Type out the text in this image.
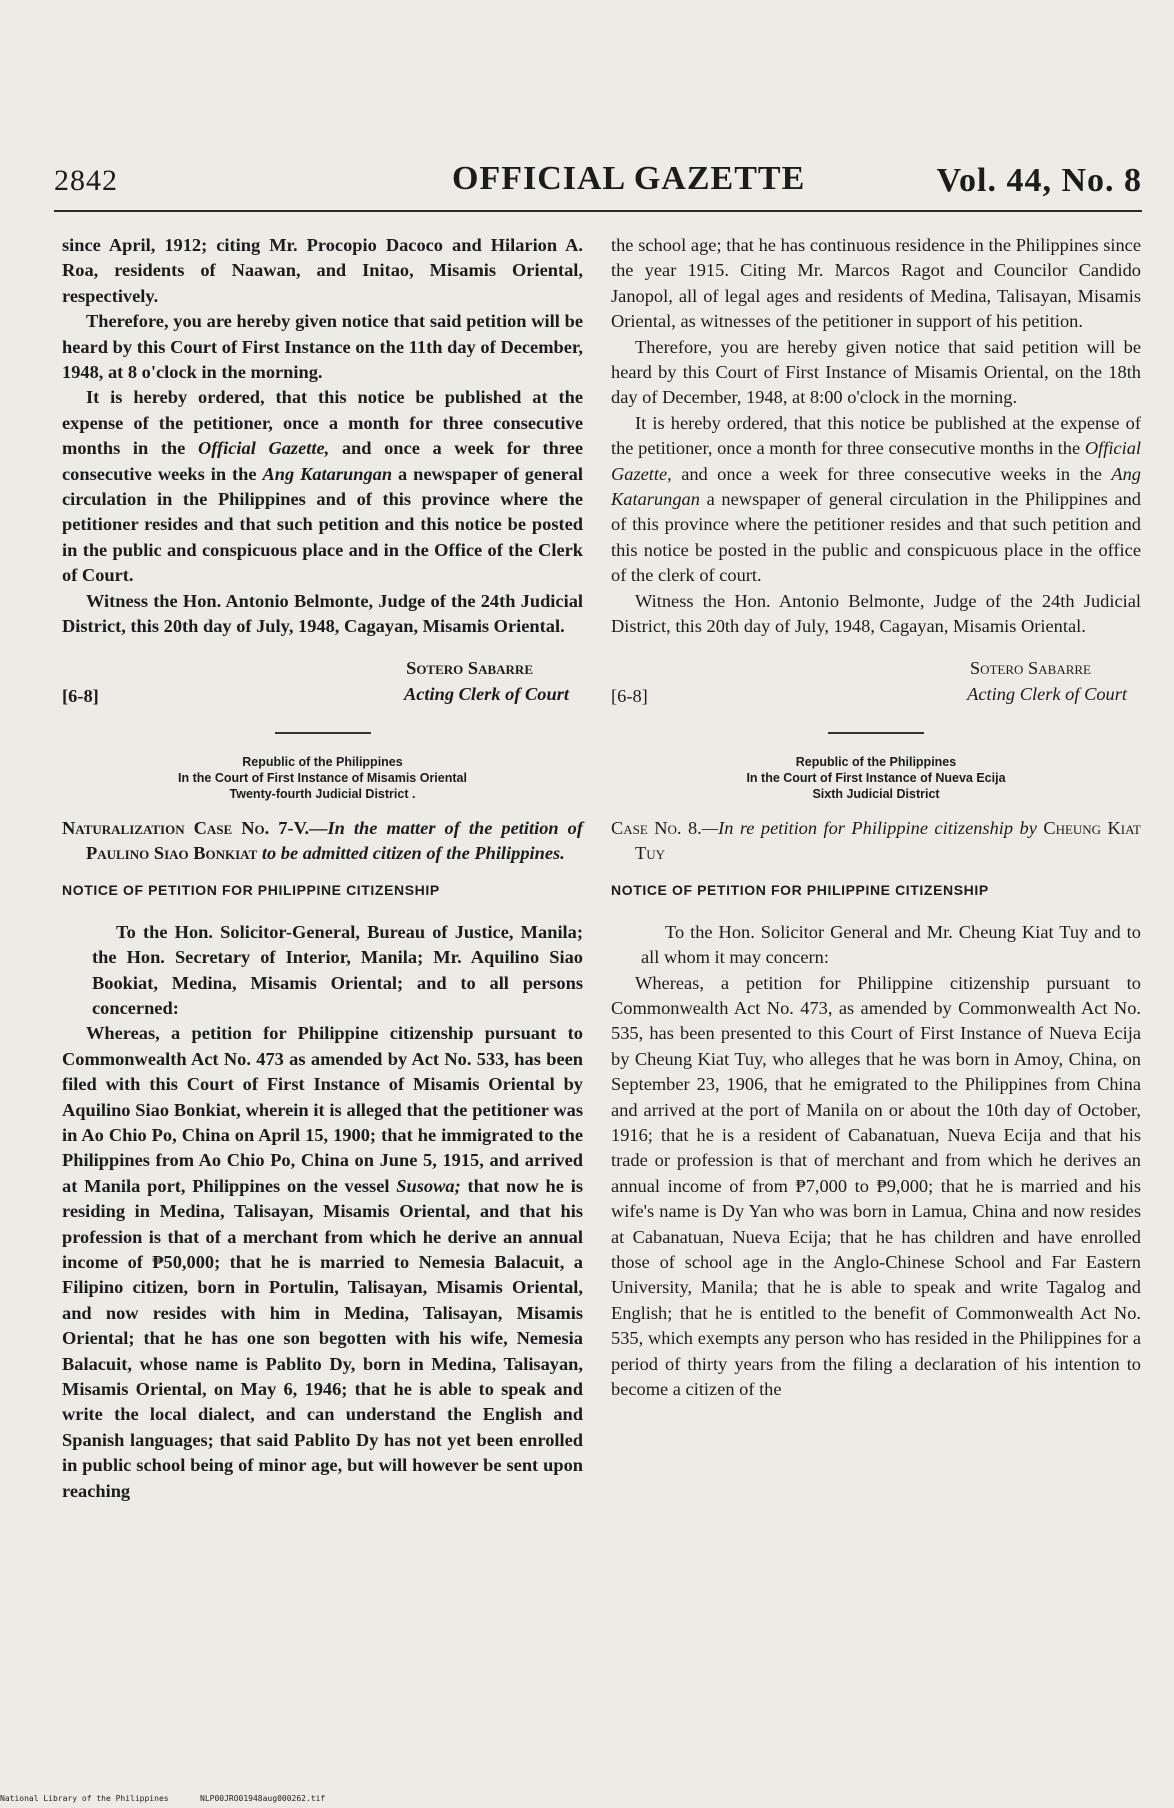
2842	OFFICIAL GAZETTE	Vol. 44, No. 8

since April, 1912; citing Mr. Procopio Dacoco and Hilarion A. Roa, residents of Naawan, and Initao, Misamis Oriental, respectively.

Therefore, you are hereby given notice that said petition will be heard by this Court of First Instance on the 11th day of December, 1948, at 8 o'clock in the morning.

It is hereby ordered, that this notice be published at the expense of the petitioner, once a month for three consecutive months in the Official Gazette, and once a week for three consecutive weeks in the Ang Katarungan a newspaper of general circulation in the Philippines and of this province where the petitioner resides and that such petition and this notice be posted in the public and conspicuous place and in the Office of the Clerk of Court.

Witness the Hon. Antonio Belmonte, Judge of the 24th Judicial District, this 20th day of July, 1948, Cagayan, Misamis Oriental.

[6-8]
Sotero Sabarre
Acting Clerk of Court
Republic of the Philippines
In the Court of First Instance of Misamis Oriental
Twenty-fourth Judicial District .

Naturalization Case No. 7-V.—In the matter of the petition of Paulino Siao Bonkiat to be admitted citizen of the Philippines.

NOTICE OF PETITION FOR PHILIPPINE CITIZENSHIP

To the Hon. Solicitor-General, Bureau of Justice, Manila; the Hon. Secretary of Interior, Manila; Mr. Aquilino Siao Bookiat, Medina, Misamis Oriental; and to all persons concerned:

Whereas, a petition for Philippine citizenship pursuant to Commonwealth Act No. 473 as amended by Act No. 533, has been filed with this Court of First Instance of Misamis Oriental by Aquilino Siao Bonkiat, wherein it is alleged that the petitioner was in Ao Chio Po, China on April 15, 1900; that he immigrated to the Philippines from Ao Chio Po, China on June 5, 1915, and arrived at Manila port, Philippines on the vessel Susowa; that now he is residing in Medina, Talisayan, Misamis Oriental, and that his profession is that of a merchant from which he derive an annual income of ₱50,000; that he is married to Nemesia Balacuit, a Filipino citizen, born in Portulin, Talisayan, Misamis Oriental, and now resides with him in Medina, Talisayan, Misamis Oriental; that he has one son begotten with his wife, Nemesia Balacuit, whose name is Pablito Dy, born in Medina, Talisayan, Misamis Oriental, on May 6, 1946; that he is able to speak and write the local dialect, and can understand the English and Spanish languages; that said Pablito Dy has not yet been enrolled in public school being of minor age, but will however be sent upon reaching

the school age; that he has continuous residence in the Philippines since the year 1915. Citing Mr. Marcos Ragot and Councilor Candido Janopol, all of legal ages and residents of Medina, Talisayan, Misamis Oriental, as witnesses of the petitioner in support of his petition.

Therefore, you are hereby given notice that said petition will be heard by this Court of First Instance of Misamis Oriental, on the 18th day of December, 1948, at 8:00 o'clock in the morning.

It is hereby ordered, that this notice be published at the expense of the petitioner, once a month for three consecutive months in the Official Gazette, and once a week for three consecutive weeks in the Ang Katarungan a newspaper of general circulation in the Philippines and of this province where the petitioner resides and that such petition and this notice be posted in the public and conspicuous place in the office of the clerk of court.

Witness the Hon. Antonio Belmonte, Judge of the 24th Judicial District, this 20th day of July, 1948, Cagayan, Misamis Oriental.

[6-8]
Sotero Sabarre
Acting Clerk of Court
Republic of the Philippines
In the Court of First Instance of Nueva Ecija
Sixth Judicial District

Case No. 8.—In re petition for Philippine citizenship by Cheung Kiat Tuy

NOTICE OF PETITION FOR PHILIPPINE CITIZENSHIP

To the Hon. Solicitor General and Mr. Cheung Kiat Tuy and to all whom it may concern:

Whereas, a petition for Philippine citizenship pursuant to Commonwealth Act No. 473, as amended by Commonwealth Act No. 535, has been presented to this Court of First Instance of Nueva Ecija by Cheung Kiat Tuy, who alleges that he was born in Amoy, China, on September 23, 1906, that he emigrated to the Philippines from China and arrived at the port of Manila on or about the 10th day of October, 1916; that he is a resident of Cabanatuan, Nueva Ecija and that his trade or profession is that of merchant and from which he derives an annual income of from ₱7,000 to ₱9,000; that he is married and his wife's name is Dy Yan who was born in Lamua, China and now resides at Cabanatuan, Nueva Ecija; that he has children and have enrolled those of school age in the Anglo-Chinese School and Far Eastern University, Manila; that he is able to speak and write Tagalog and English; that he is entitled to the benefit of Commonwealth Act No. 535, which exempts any person who has resided in the Philippines for a period of thirty years from the filing a declaration of his intention to become a citizen of the

National Library of the Philippines	NLP00JRO01948aug000262.tif
